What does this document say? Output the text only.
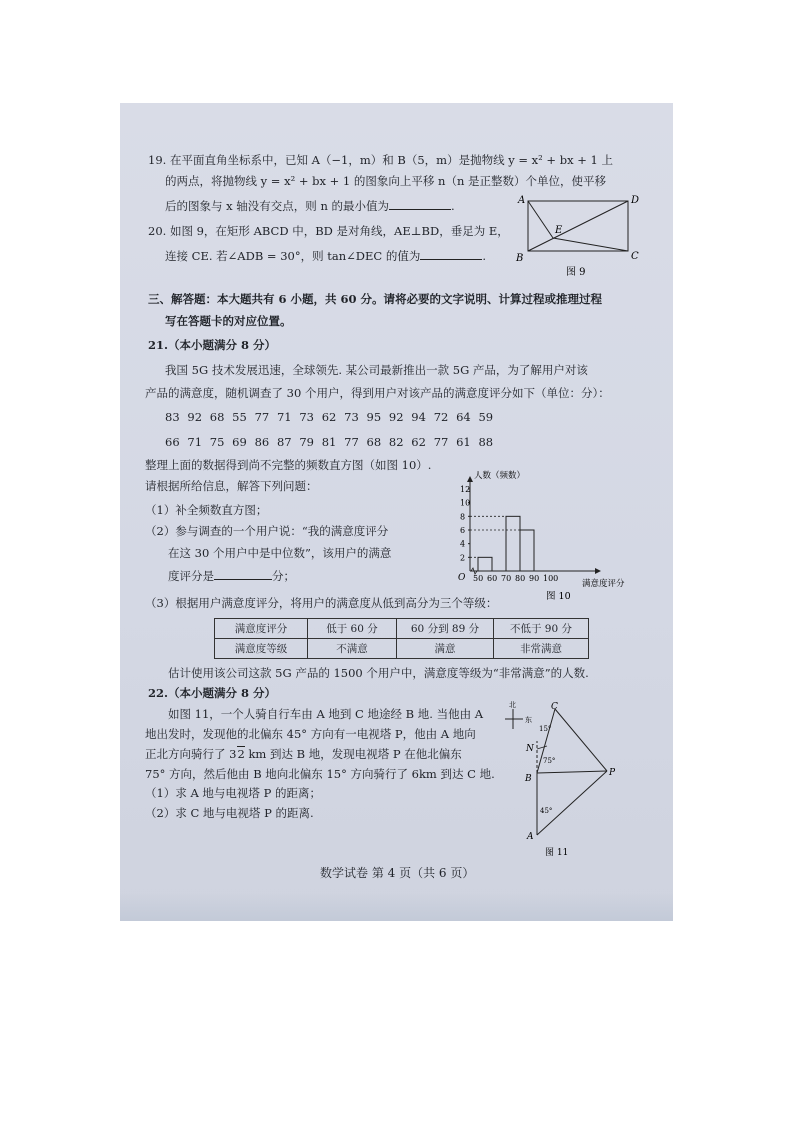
19. 在平面直角坐标系中，已知 A（−1，m）和 B（5，m）是抛物线 y = x² + bx + 1 上
的两点，将抛物线 y = x² + bx + 1 的图象向上平移 n（n 是正整数）个单位，使平移
后的图象与 x 轴没有交点，则 n 的最小值为	.
20. 如图 9，在矩形 ABCD 中，BD 是对角线，AE⊥BD，垂足为 E，
连接 CE. 若∠ADB = 30°，则 tan∠DEC 的值为	.
A	D
E
B	C
图 9
三、解答题：本大题共有 6 小题，共 60 分。请将必要的文字说明、计算过程或推理过程
写在答题卡的对应位置。
21.（本小题满分 8 分）
我国 5G 技术发展迅速，全球领先. 某公司最新推出一款 5G 产品，为了解用户对该
产品的满意度，随机调查了 30 个用户，得到用户对该产品的满意度评分如下（单位：分）：
83 92 68 55 77 71 73 62 73 95 92 94 72 64 59
66 71 75 69 86 87 79 81 77 68 82 62 77 61 88
整理上面的数据得到尚不完整的频数直方图（如图 10）.
请根据所给信息，解答下列问题：
（1）补全频数直方图；
（2）参与调查的一个用户说：“我的满意度评分
在这 30 个用户中是中位数”，该用户的满意
度评分是	分；
人数（频数）
满意度评分
O
图 10
2
4
6
8
10
12
50 60 70 80 90 100
（3）根据用户满意度评分，将用户的满意度从低到高分为三个等级：
满意度评分	低于 60 分	60 分到 89 分	不低于 90 分
满意度等级	不满意	满意	非常满意
估计使用该公司这款 5G 产品的 1500 个用户中，满意度等级为“非常满意”的人数.
22.（本小题满分 8 分）
如图 11，一个人骑自行车由 A 地到 C 地途经 B 地. 当他由 A
地出发时，发现他的北偏东 45° 方向有一电视塔 P，他由 A 地向
正北方向骑行了 32 km 到达 B 地，发现电视塔 P 在他北偏东
75° 方向，然后他由 B 地向北偏东 15° 方向骑行了 6km 到达 C 地.
（1）求 A 地与电视塔 P 的距离；
（2）求 C 地与电视塔 P 的距离.
北
东
C
N
B
P
A
15°
75°
45°
图 11
数学试卷 第 4 页（共 6 页）
